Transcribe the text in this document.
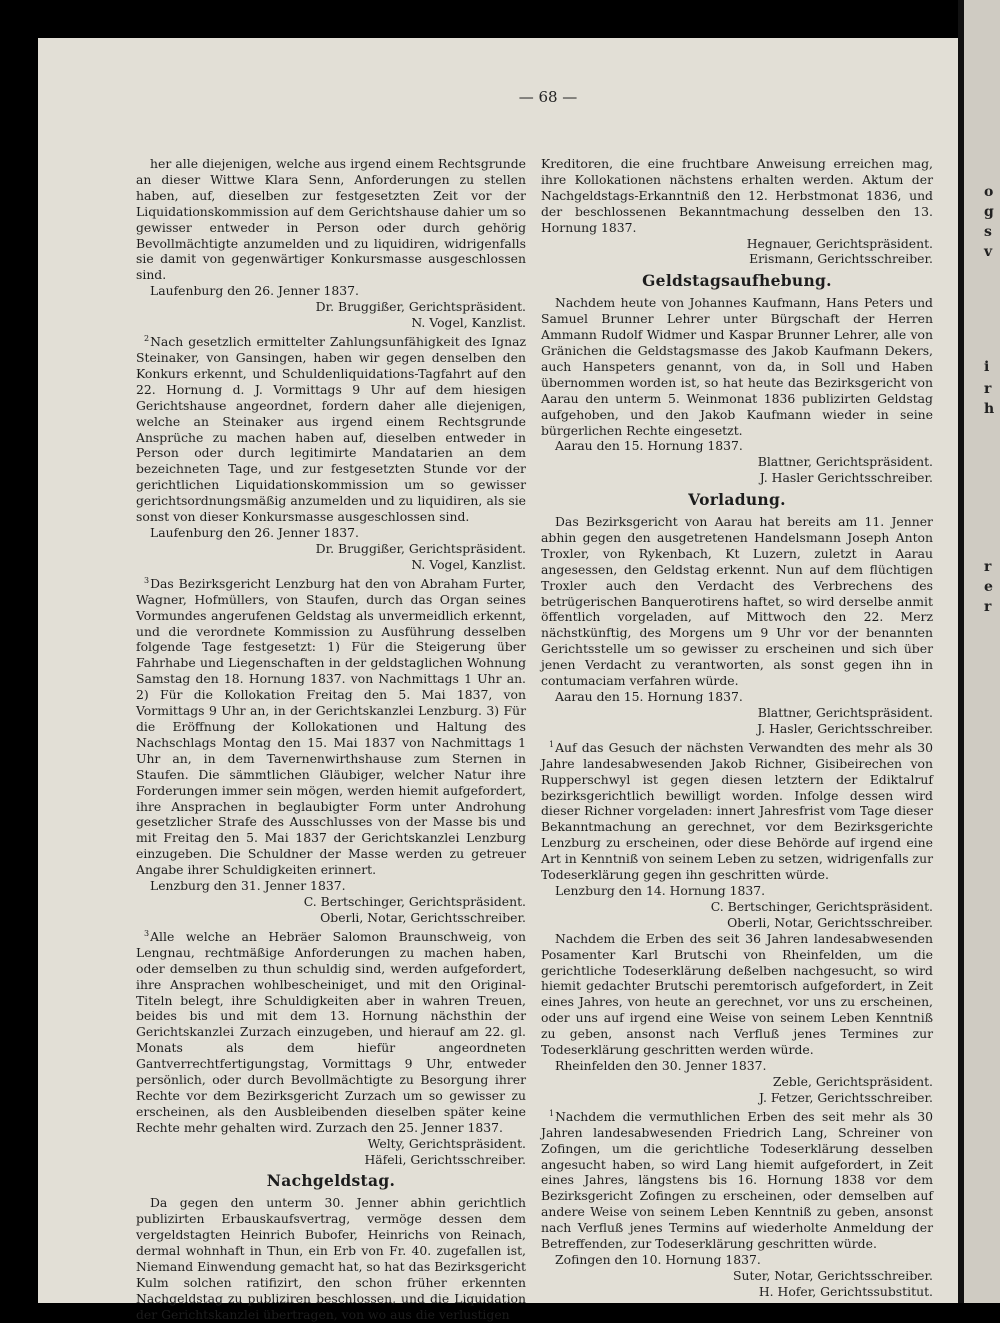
— 68 —

her alle diejenigen, welche aus irgend einem Rechtsgrunde an dieser Wittwe Klara Senn, Anforderungen zu stellen haben, auf, dieselben zur festgesetzten Zeit vor der Liquidationskommission auf dem Gerichtshause dahier um so gewisser entweder in Person oder durch gehörig Bevollmächtigte anzumelden und zu liquidiren, widrigenfalls sie damit von gegenwärtiger Konkursmasse ausgeschlossen sind.

Laufenburg den 26. Jenner 1837.

Dr. Bruggißer, Gerichtspräsident.

N. Vogel, Kanzlist.

$^2$Nach gesetzlich ermittelter Zahlungsunfähigkeit des Ignaz Steinaker, von Gansingen, haben wir gegen denselben den Konkurs erkennt, und Schuldenliquidations-Tagfahrt auf den 22. Hornung d. J. Vormittags 9 Uhr auf dem hiesigen Gerichtshause angeordnet, fordern daher alle diejenigen, welche an Steinaker aus irgend einem Rechtsgrunde Ansprüche zu machen haben auf, dieselben entweder in Person oder durch legitimirte Mandatarien an dem bezeichneten Tage, und zur festgesetzten Stunde vor der gerichtlichen Liquidationskommission um so gewisser gerichtsordnungsmäßig anzumelden und zu liquidiren, als sie sonst von dieser Konkursmasse ausgeschlossen sind.

Laufenburg den 26. Jenner 1837.

Dr. Bruggißer, Gerichtspräsident.

N. Vogel, Kanzlist.

$^3$Das Bezirksgericht Lenzburg hat den von Abraham Furter, Wagner, Hofmüllers, von Staufen, durch das Organ seines Vormundes angerufenen Geldstag als unvermeidlich erkennt, und die verordnete Kommission zu Ausführung desselben folgende Tage festgesetzt: 1) Für die Steigerung über Fahrhabe und Liegenschaften in der geldstaglichen Wohnung Samstag den 18. Hornung 1837. von Nachmittags 1 Uhr an. 2) Für die Kollokation Freitag den 5. Mai 1837, von Vormittags 9 Uhr an, in der Gerichtskanzlei Lenzburg. 3) Für die Eröffnung der Kollokationen und Haltung des Nachschlags Montag den 15. Mai 1837 von Nachmittags 1 Uhr an, in dem Tavernenwirthshause zum Sternen in Staufen. Die sämmtlichen Gläubiger, welcher Natur ihre Forderungen immer sein mögen, werden hiemit aufgefordert, ihre Ansprachen in beglaubigter Form unter Androhung gesetzlicher Strafe des Ausschlusses von der Masse bis und mit Freitag den 5. Mai 1837 der Gerichtskanzlei Lenzburg einzugeben. Die Schuldner der Masse werden zu getreuer Angabe ihrer Schuldigkeiten erinnert.

Lenzburg den 31. Jenner 1837.

C. Bertschinger, Gerichtspräsident.

Oberli, Notar, Gerichtsschreiber.

$^3$Alle welche an Hebräer Salomon Braunschweig, von Lengnau, rechtmäßige Anforderungen zu machen haben, oder demselben zu thun schuldig sind, werden aufgefordert, ihre Ansprachen wohlbescheiniget, und mit den Original-Titeln belegt, ihre Schuldigkeiten aber in wahren Treuen, beides bis und mit dem 13. Hornung nächsthin der Gerichtskanzlei Zurzach einzugeben, und hierauf am 22. gl. Monats als dem hiefür angeordneten Gantverrechtfertigungstag, Vormittags 9 Uhr, entweder persönlich, oder durch Bevollmächtigte zu Besorgung ihrer Rechte vor dem Bezirksgericht Zurzach um so gewisser zu erscheinen, als den Ausbleibenden dieselben später keine Rechte mehr gehalten wird. Zurzach den 25. Jenner 1837.

Welty, Gerichtspräsident.

Häfeli, Gerichtsschreiber.

Nachgeldstag.

Da gegen den unterm 30. Jenner abhin gerichtlich publizirten Erbauskaufsvertrag, vermöge dessen dem vergeldstagten Heinrich Bubofer, Heinrichs von Reinach, dermal wohnhaft in Thun, ein Erb von Fr. 40. zugefallen ist, Niemand Einwendung gemacht hat, so hat das Bezirksgericht Kulm solchen ratifizirt, den schon früher erkennten Nachgeldstag zu publiziren beschlossen, und die Liquidation der Gerichtskanzlei übertragen, von wo aus die verlustigen

Kreditoren, die eine fruchtbare Anweisung erreichen mag, ihre Kollokationen nächstens erhalten werden. Aktum der Nachgeldstags-Erkanntniß den 12. Herbstmonat 1836, und der beschlossenen Bekanntmachung desselben den 13. Hornung 1837.

Hegnauer, Gerichtspräsident.

Erismann, Gerichtsschreiber.

Geldstagsaufhebung.

Nachdem heute von Johannes Kaufmann, Hans Peters und Samuel Brunner Lehrer unter Bürgschaft der Herren Ammann Rudolf Widmer und Kaspar Brunner Lehrer, alle von Gränichen die Geldstagsmasse des Jakob Kaufmann Dekers, auch Hanspeters genannt, von da, in Soll und Haben übernommen worden ist, so hat heute das Bezirksgericht von Aarau den unterm 5. Weinmonat 1836 publizirten Geldstag aufgehoben, und den Jakob Kaufmann wieder in seine bürgerlichen Rechte eingesetzt.

Aarau den 15. Hornung 1837.

Blattner, Gerichtspräsident.

J. Hasler Gerichtsschreiber.

Vorladung.

Das Bezirksgericht von Aarau hat bereits am 11. Jenner abhin gegen den ausgetretenen Handelsmann Joseph Anton Troxler, von Rykenbach, Kt Luzern, zuletzt in Aarau angesessen, den Geldstag erkennt. Nun auf dem flüchtigen Troxler auch den Verdacht des Verbrechens des betrügerischen Banquerotirens haftet, so wird derselbe anmit öffentlich vorgeladen, auf Mittwoch den 22. Merz nächstkünftig, des Morgens um 9 Uhr vor der benannten Gerichtsstelle um so gewisser zu erscheinen und sich über jenen Verdacht zu verantworten, als sonst gegen ihn in contumaciam verfahren würde.

Aarau den 15. Hornung 1837.

Blattner, Gerichtspräsident.

J. Hasler, Gerichtsschreiber.

$^1$Auf das Gesuch der nächsten Verwandten des mehr als 30 Jahre landesabwesenden Jakob Richner, Gisibeirechen von Rupperschwyl ist gegen diesen letztern der Ediktalruf bezirksgerichtlich bewilligt worden. Infolge dessen wird dieser Richner vorgeladen: innert Jahresfrist vom Tage dieser Bekanntmachung an gerechnet, vor dem Bezirksgerichte Lenzburg zu erscheinen, oder diese Behörde auf irgend eine Art in Kenntniß von seinem Leben zu setzen, widrigenfalls zur Todeserklärung gegen ihn geschritten würde.

Lenzburg den 14. Hornung 1837.

C. Bertschinger, Gerichtspräsident.

Oberli, Notar, Gerichtsschreiber.

Nachdem die Erben des seit 36 Jahren landesabwesenden Posamenter Karl Brutschi von Rheinfelden, um die gerichtliche Todeserklärung deßelben nachgesucht, so wird hiemit gedachter Brutschi peremtorisch aufgefordert, in Zeit eines Jahres, von heute an gerechnet, vor uns zu erscheinen, oder uns auf irgend eine Weise von seinem Leben Kenntniß zu geben, ansonst nach Verfluß jenes Termines zur Todeserklärung geschritten werden würde.

Rheinfelden den 30. Jenner 1837.

Zeble, Gerichtspräsident.

J. Fetzer, Gerichtsschreiber.

$^1$Nachdem die vermuthlichen Erben des seit mehr als 30 Jahren landesabwesenden Friedrich Lang, Schreiner von Zofingen, um die gerichtliche Todeserklärung desselben angesucht haben, so wird Lang hiemit aufgefordert, in Zeit eines Jahres, längstens bis 16. Hornung 1838 vor dem Bezirksgericht Zofingen zu erscheinen, oder demselben auf andere Weise von seinem Leben Kenntniß zu geben, ansonst nach Verfluß jenes Termins auf wiederholte Anmeldung der Betreffenden, zur Todeserklärung geschritten würde.

Zofingen den 10. Hornung 1837.

Suter, Notar, Gerichtsschreiber.

H. Hofer, Gerichtssubstitut.

o
g
s
v
i
r
h
r
e
r
